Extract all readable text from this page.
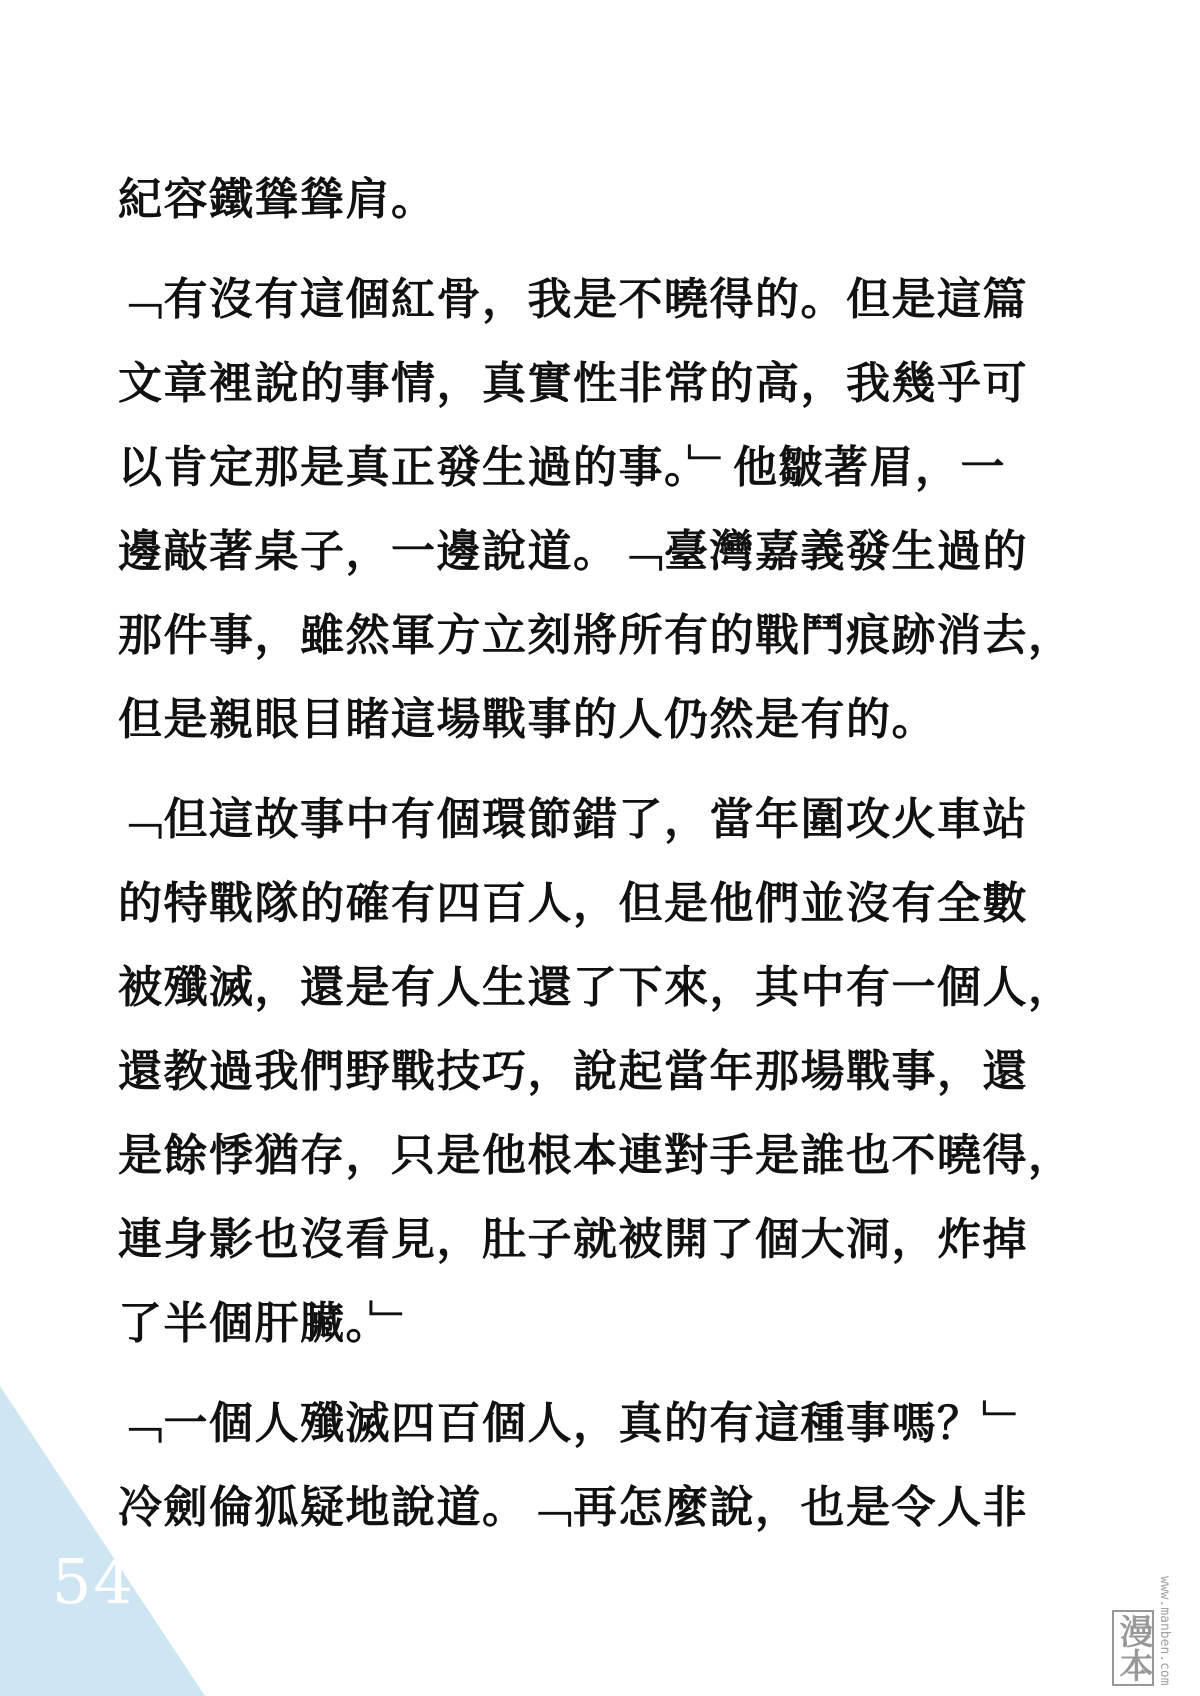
紀容鐵聳聳肩。
﹁有沒有這個紅骨，我是不曉得的。但是這篇
文章裡說的事情，真實性非常的高，我幾乎可
以肯定那是真正發生過的事。﹂他皺著眉，一
邊敲著桌子，一邊說道。﹁臺灣嘉義發生過的
那件事，雖然軍方立刻將所有的戰鬥痕跡消去，
但是親眼目睹這場戰事的人仍然是有的。
﹁但這故事中有個環節錯了，當年圍攻火車站
的特戰隊的確有四百人，但是他們並沒有全數
被殲滅，還是有人生還了下來，其中有一個人，
還教過我們野戰技巧，說起當年那場戰事，還
是餘悸猶存，只是他根本連對手是誰也不曉得，
連身影也沒看見，肚子就被開了個大洞，炸掉
了半個肝臟。﹂
﹁一個人殲滅四百個人，真的有這種事嗎？﹂
冷劍倫狐疑地說道。﹁再怎麼說，也是令人非
54
漫本 www.manben.com
